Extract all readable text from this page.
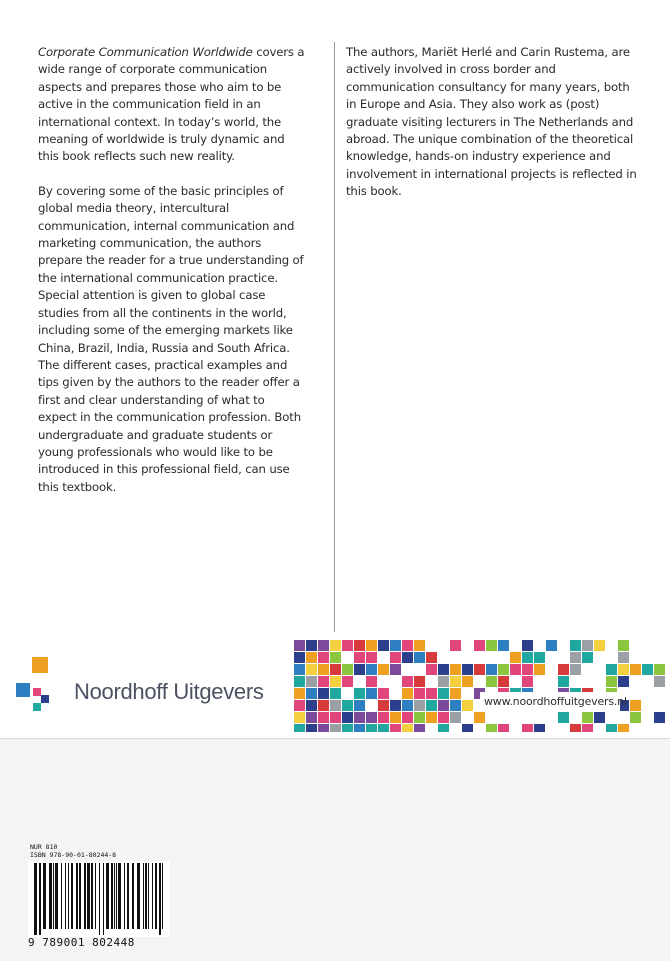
Corporate Communication Worldwide covers a wide range of corporate communication aspects and prepares those who aim to be active in the communication field in an international context. In today’s world, the meaning of worldwide is truly dynamic and this book reflects such new reality.

By covering some of the basic principles of global media theory, intercultural communication, internal communication and marketing communication, the authors prepare the reader for a true understanding of the international communication practice. Special attention is given to global case studies from all the continents in the world, including some of the emerging markets like China, Brazil, India, Russia and South Africa. The different cases, practical examples and tips given by the authors to the reader offer a first and clear understanding of what to expect in the communication profession. Both undergraduate and graduate students or young professionals who would like to be introduced in this professional field, can use this textbook.

The authors, Mariët Herlé and Carin Rustema, are actively involved in cross border and communication consultancy for many years, both in Europe and Asia. They also work as (post) graduate visiting lecturers in The Netherlands and abroad. The unique combination of the theoretical knowledge, hands-on industry experience and involvement in international projects is reflected in this book.

Noordhoff Uitgevers	www.noordhoffuitgevers.nl
NUR 810
ISBN 978-90-01-80244-8
9 789001 802448
